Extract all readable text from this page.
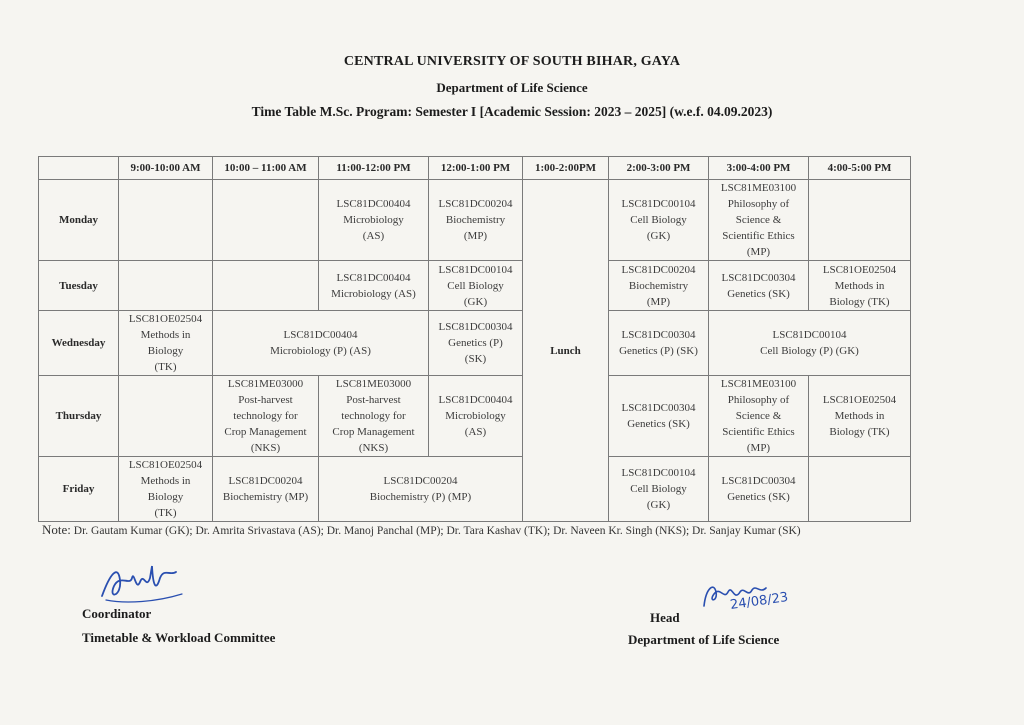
CENTRAL UNIVERSITY OF SOUTH BIHAR, GAYA
Department of Life Science
Time Table M.Sc. Program: Semester I [Academic Session: 2023 – 2025] (w.e.f. 04.09.2023)
	9:00-10:00 AM	10:00 – 11:00 AM	11:00-12:00 PM	12:00-1:00 PM	1:00-2:00PM	2:00-3:00 PM	3:00-4:00 PM	4:00-5:00 PM
Monday			LSC81DC00404
Microbiology
(AS)	LSC81DC00204
Biochemistry
(MP)	Lunch	LSC81DC00104
Cell Biology
(GK)	LSC81ME03100
Philosophy of
Science &
Scientific Ethics
(MP)	

Tuesday			LSC81DC00404
Microbiology (AS)	LSC81DC00104
Cell Biology
(GK)		LSC81DC00204
Biochemistry
(MP)	LSC81DC00304
Genetics (SK)	LSC81OE02504
Methods in
Biology (TK)

Wednesday	LSC81OE02504
Methods in
Biology
(TK)	LSC81DC00404
Microbiology (P) (AS)		LSC81DC00304
Genetics (P)
(SK)		LSC81DC00304
Genetics (P) (SK)	LSC81DC00104
Cell Biology (P) (GK)	

Thursday		LSC81ME03000
Post-harvest
technology for
Crop Management
(NKS)	LSC81ME03000
Post-harvest
technology for
Crop Management
(NKS)	LSC81DC00404
Microbiology
(AS)		LSC81DC00304
Genetics (SK)	LSC81ME03100
Philosophy of
Science &
Scientific Ethics
(MP)	LSC81OE02504
Methods in
Biology (TK)

Friday	LSC81OE02504
Methods in
Biology
(TK)	LSC81DC00204
Biochemistry (MP)	LSC81DC00204
Biochemistry (P) (MP)			LSC81DC00104
Cell Biology
(GK)	LSC81DC00304
Genetics (SK)	

Note: Dr. Gautam Kumar (GK); Dr. Amrita Srivastava (AS); Dr. Manoj Panchal (MP); Dr. Tara Kashav (TK); Dr. Naveen Kr. Singh (NKS); Dr. Sanjay Kumar (SK)
Coordinator
Timetable & Workload Committee
24/08/23
Head
Department of Life Science
